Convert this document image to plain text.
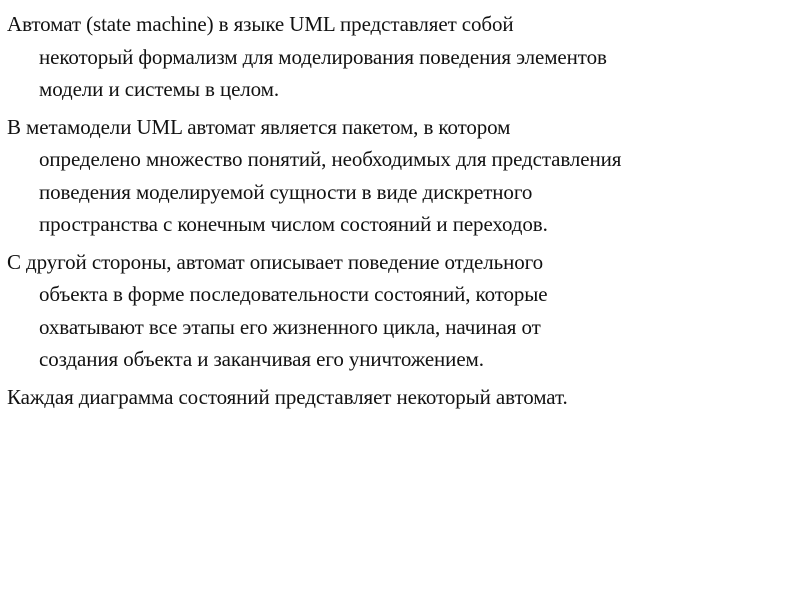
Автомат (state machine) в языке UML представляет собой
некоторый формализм для моделирования поведения элементов
модели и системы в целом.

В метамодели UML автомат является пакетом, в котором
определено множество понятий, необходимых для представления
поведения моделируемой сущности в виде дискретного
пространства с конечным числом состояний и переходов.

С другой стороны, автомат описывает поведение отдельного
объекта в форме последовательности состояний, которые
охватывают все этапы его жизненного цикла, начиная от
создания объекта и заканчивая его уничтожением.

Каждая диаграмма состояний представляет некоторый автомат.
